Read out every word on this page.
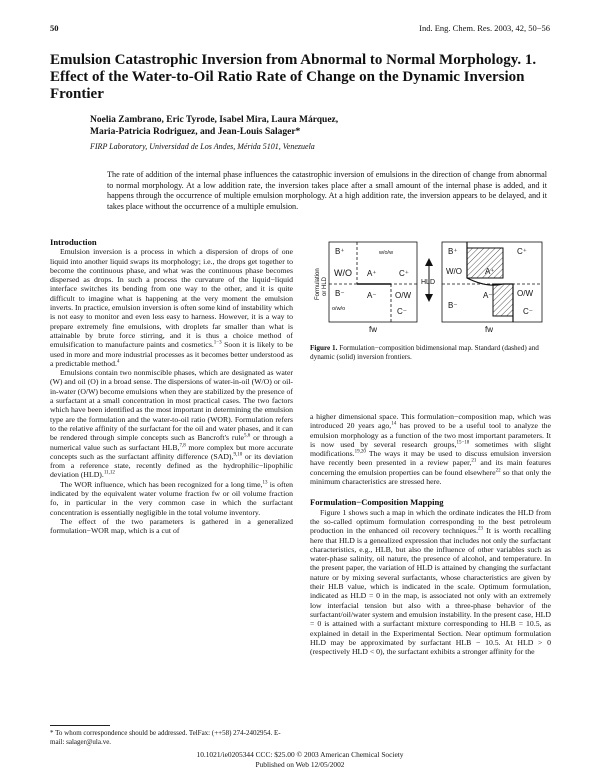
50	Ind. Eng. Chem. Res. 2003, 42, 50−56
Emulsion Catastrophic Inversion from Abnormal to Normal Morphology. 1. Effect of the Water-to-Oil Ratio Rate of Change on the Dynamic Inversion Frontier
Noelia Zambrano, Eric Tyrode, Isabel Mira, Laura Márquez,
Maria-Patricia Rodriguez, and Jean-Louis Salager*
FIRP Laboratory, Universidad de Los Andes, Mérida 5101, Venezuela

The rate of addition of the internal phase influences the catastrophic inversion of emulsions in the direction of change from abnormal to normal morphology. At a low addition rate, the inversion takes place after a small amount of the internal phase is added, and it happens through the occurrence of multiple emulsion morphology. At a high addition rate, the inversion appears to be delayed, and it takes place without the occurrence of a multiple emulsion.

Introduction

Emulsion inversion is a process in which a dispersion of drops of one liquid into another liquid swaps its morphology; i.e., the drops get together to become the continuous phase, and what was the continuous phase becomes dispersed as drops. In such a process the curvature of the liquid−liquid interface switches its bending from one way to the other, and it is quite difficult to imagine what is happening at the very moment the emulsion inverts. In practice, emulsion inversion is often some kind of instability which is not easy to monitor and even less easy to harness. However, it is a way to prepare extremely fine emulsions, with droplets far smaller than what is attainable by brute force stirring, and it is thus a choice method of emulsification to manufacture paints and cosmetics.$^{1-3}$ Soon it is likely to be used in more and more industrial processes as it becomes better understood as a predictable method.$^4$

Emulsions contain two nonmiscible phases, which are designated as water (W) and oil (O) in a broad sense. The dispersions of water-in-oil (W/O) or oil-in-water (O/W) become emulsions when they are stabilized by the presence of a surfactant at a small concentration in most practical cases. The two factors which have been identified as the most important in determining the emulsion type are the formulation and the water-to-oil ratio (WOR). Formulation refers to the relative affinity of the surfactant for the oil and water phases, and it can be rendered through simple concepts such as Bancroft's rule$^{5,6}$ or through a numerical value such as surfactant HLB,$^{7,8}$ more complex but more accurate concepts such as the surfactant affinity difference (SAD),$^{9,10}$ or its deviation from a reference state, recently defined as the hydrophilic−lipophilic deviation (HLD).$^{11,12}$

The WOR influence, which has been recognized for a long time,$^{13}$ is often indicated by the equivalent water volume fraction fw or oil volume fraction fo, in particular in the very common case in which the surfactant concentration is essentially negligible in the total volume inventory.

The effect of the two parameters is gathered in a generalized formulation−WOR map, which is a cut of

Formulation or HLD
B⁺	w/o/w
W/O A⁺	C⁺
B⁻	A⁻ O/W
o/w/o	C⁻
fw
HLD
B⁺	C⁺
W/O	A⁺
A⁻	O/W
B⁻
C⁻
fw
Figure 1. Formulation−composition bidimensional map. Standard (dashed) and dynamic (solid) inversion frontiers.

a higher dimensional space. This formulation−composition map, which was introduced 20 years ago,$^{14}$ has proved to be a useful tool to analyze the emulsion morphology as a function of the two most important parameters. It is now used by several research groups,$^{15-18}$ sometimes with slight modifications.$^{19,20}$ The ways it may be used to discuss emulsion inversion have recently been presented in a review paper,$^{21}$ and its main features concerning the emulsion properties can be found elsewhere$^{22}$ so that only the minimum characteristics are stressed here.

Formulation−Composition Mapping

Figure 1 shows such a map in which the ordinate indicates the HLD from the so-called optimum formulation corresponding to the best petroleum production in the enhanced oil recovery techniques.$^{23}$ It is worth recalling here that HLD is a genealized expression that includes not only the surfactant characteristics, e.g., HLB, but also the influence of other variables such as water-phase salinity, oil nature, the presence of alcohol, and temperature. In the present paper, the variation of HLD is attained by changing the surfactant nature or by mixing several surfactants, whose characteristics are given by their HLB value, which is indicated in the scale. Optimum formulation, indicated as HLD = 0 in the map, is associated not only with an extremely low interfacial tension but also with a three-phase behavior of the surfactant/oil/water system and emulsion instability. In the present case, HLD = 0 is attained with a surfactant mixture corresponding to HLB = 10.5, as explained in detail in the Experimental Section. Near optimum formulation HLD may be approximated by surfactant HLB − 10.5. At HLD > 0 (respectively HLD < 0), the surfactant exhibits a stronger affinity for the

* To whom correspondence should be addressed. TelFax: (++58) 274-2402954. E-mail: salager@ula.ve.
10.1021/ie0205344 CCC: $25.00 © 2003 American Chemical Society
Published on Web 12/05/2002
